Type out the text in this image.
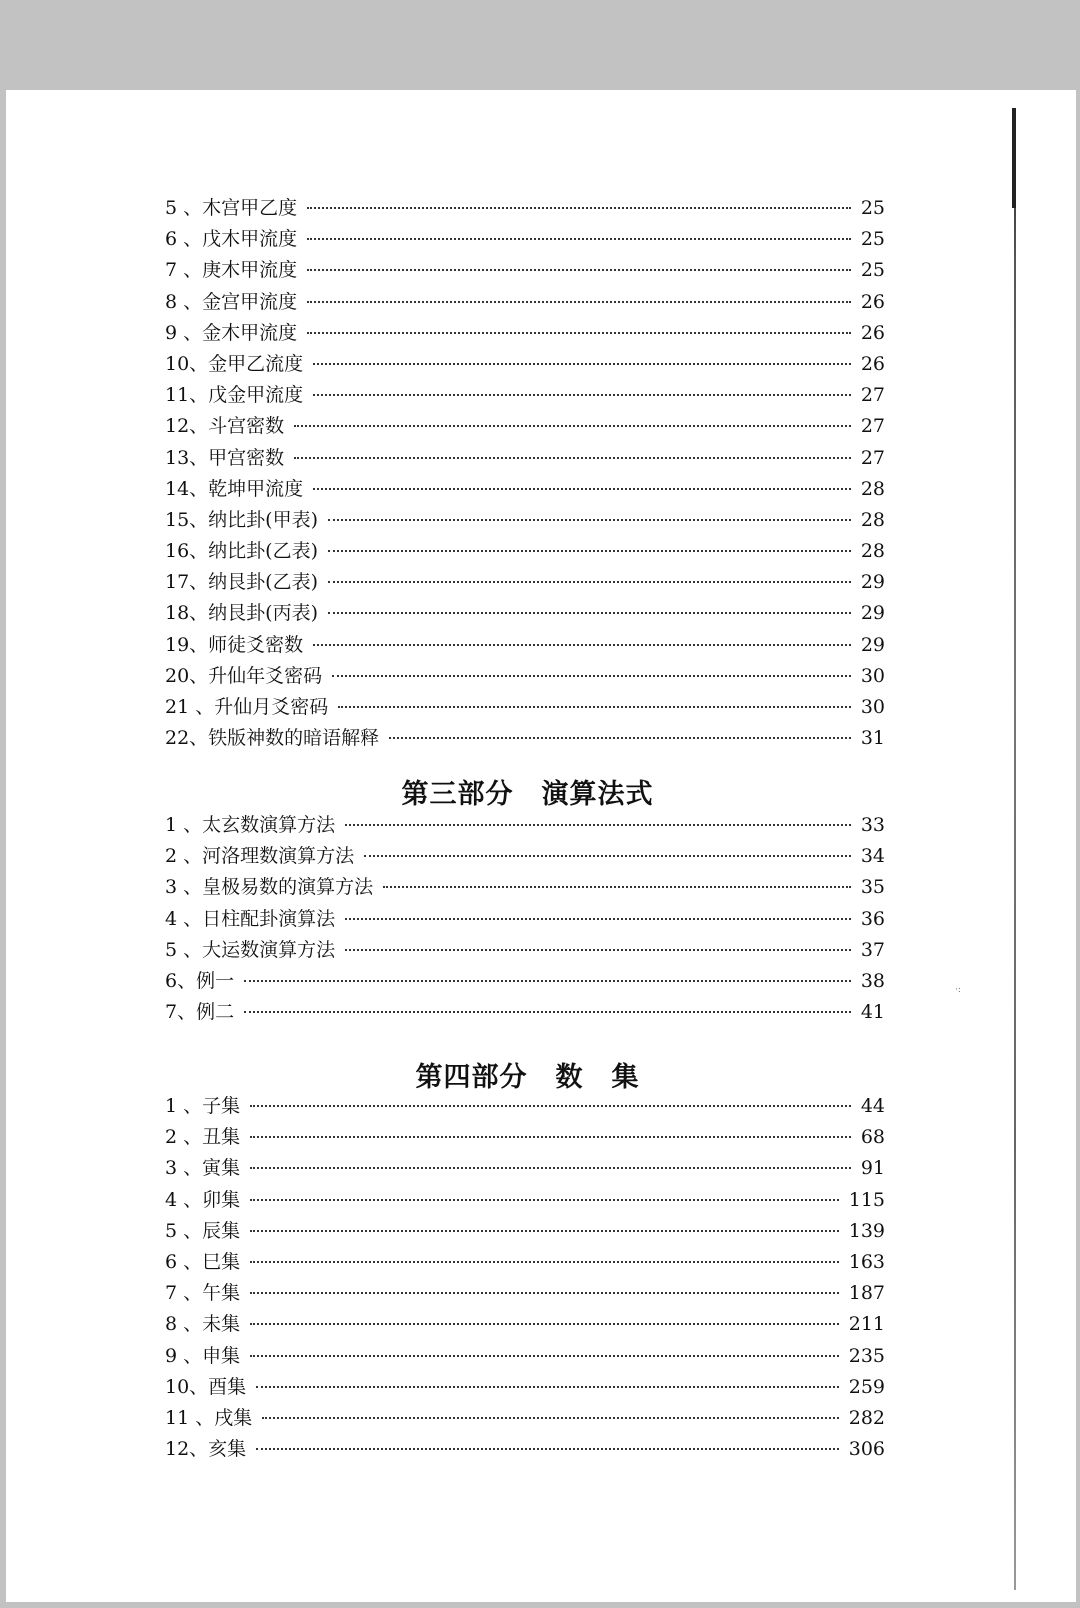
·:
5 、木宫甲乙度	25
6 、戊木甲流度	25
7 、庚木甲流度	25
8 、金宫甲流度	26
9 、金木甲流度	26
10、金甲乙流度	26
11、戊金甲流度	27
12、斗宫密数	27
13、甲宫密数	27
14、乾坤甲流度	28
15、纳比卦(甲表)	28
16、纳比卦(乙表)	28
17、纳艮卦(乙表)	29
18、纳艮卦(丙表)	29
19、师徒爻密数	29
20、升仙年爻密码	30
21 、升仙月爻密码	30
22、铁版神数的暗语解释	31
第三部分　演算法式
1 、太玄数演算方法	33
2 、河洛理数演算方法	34
3 、皇极易数的演算方法	35
4 、日柱配卦演算法	36
5 、大运数演算方法	37
6、例一	38
7、例二	41
第四部分　数　集
1 、子集	44
2 、丑集	68
3 、寅集	91
4 、卯集	115
5 、辰集	139
6 、巳集	163
7 、午集	187
8 、未集	211
9 、申集	235
10、酉集	259
11 、戌集	282
12、亥集	306
